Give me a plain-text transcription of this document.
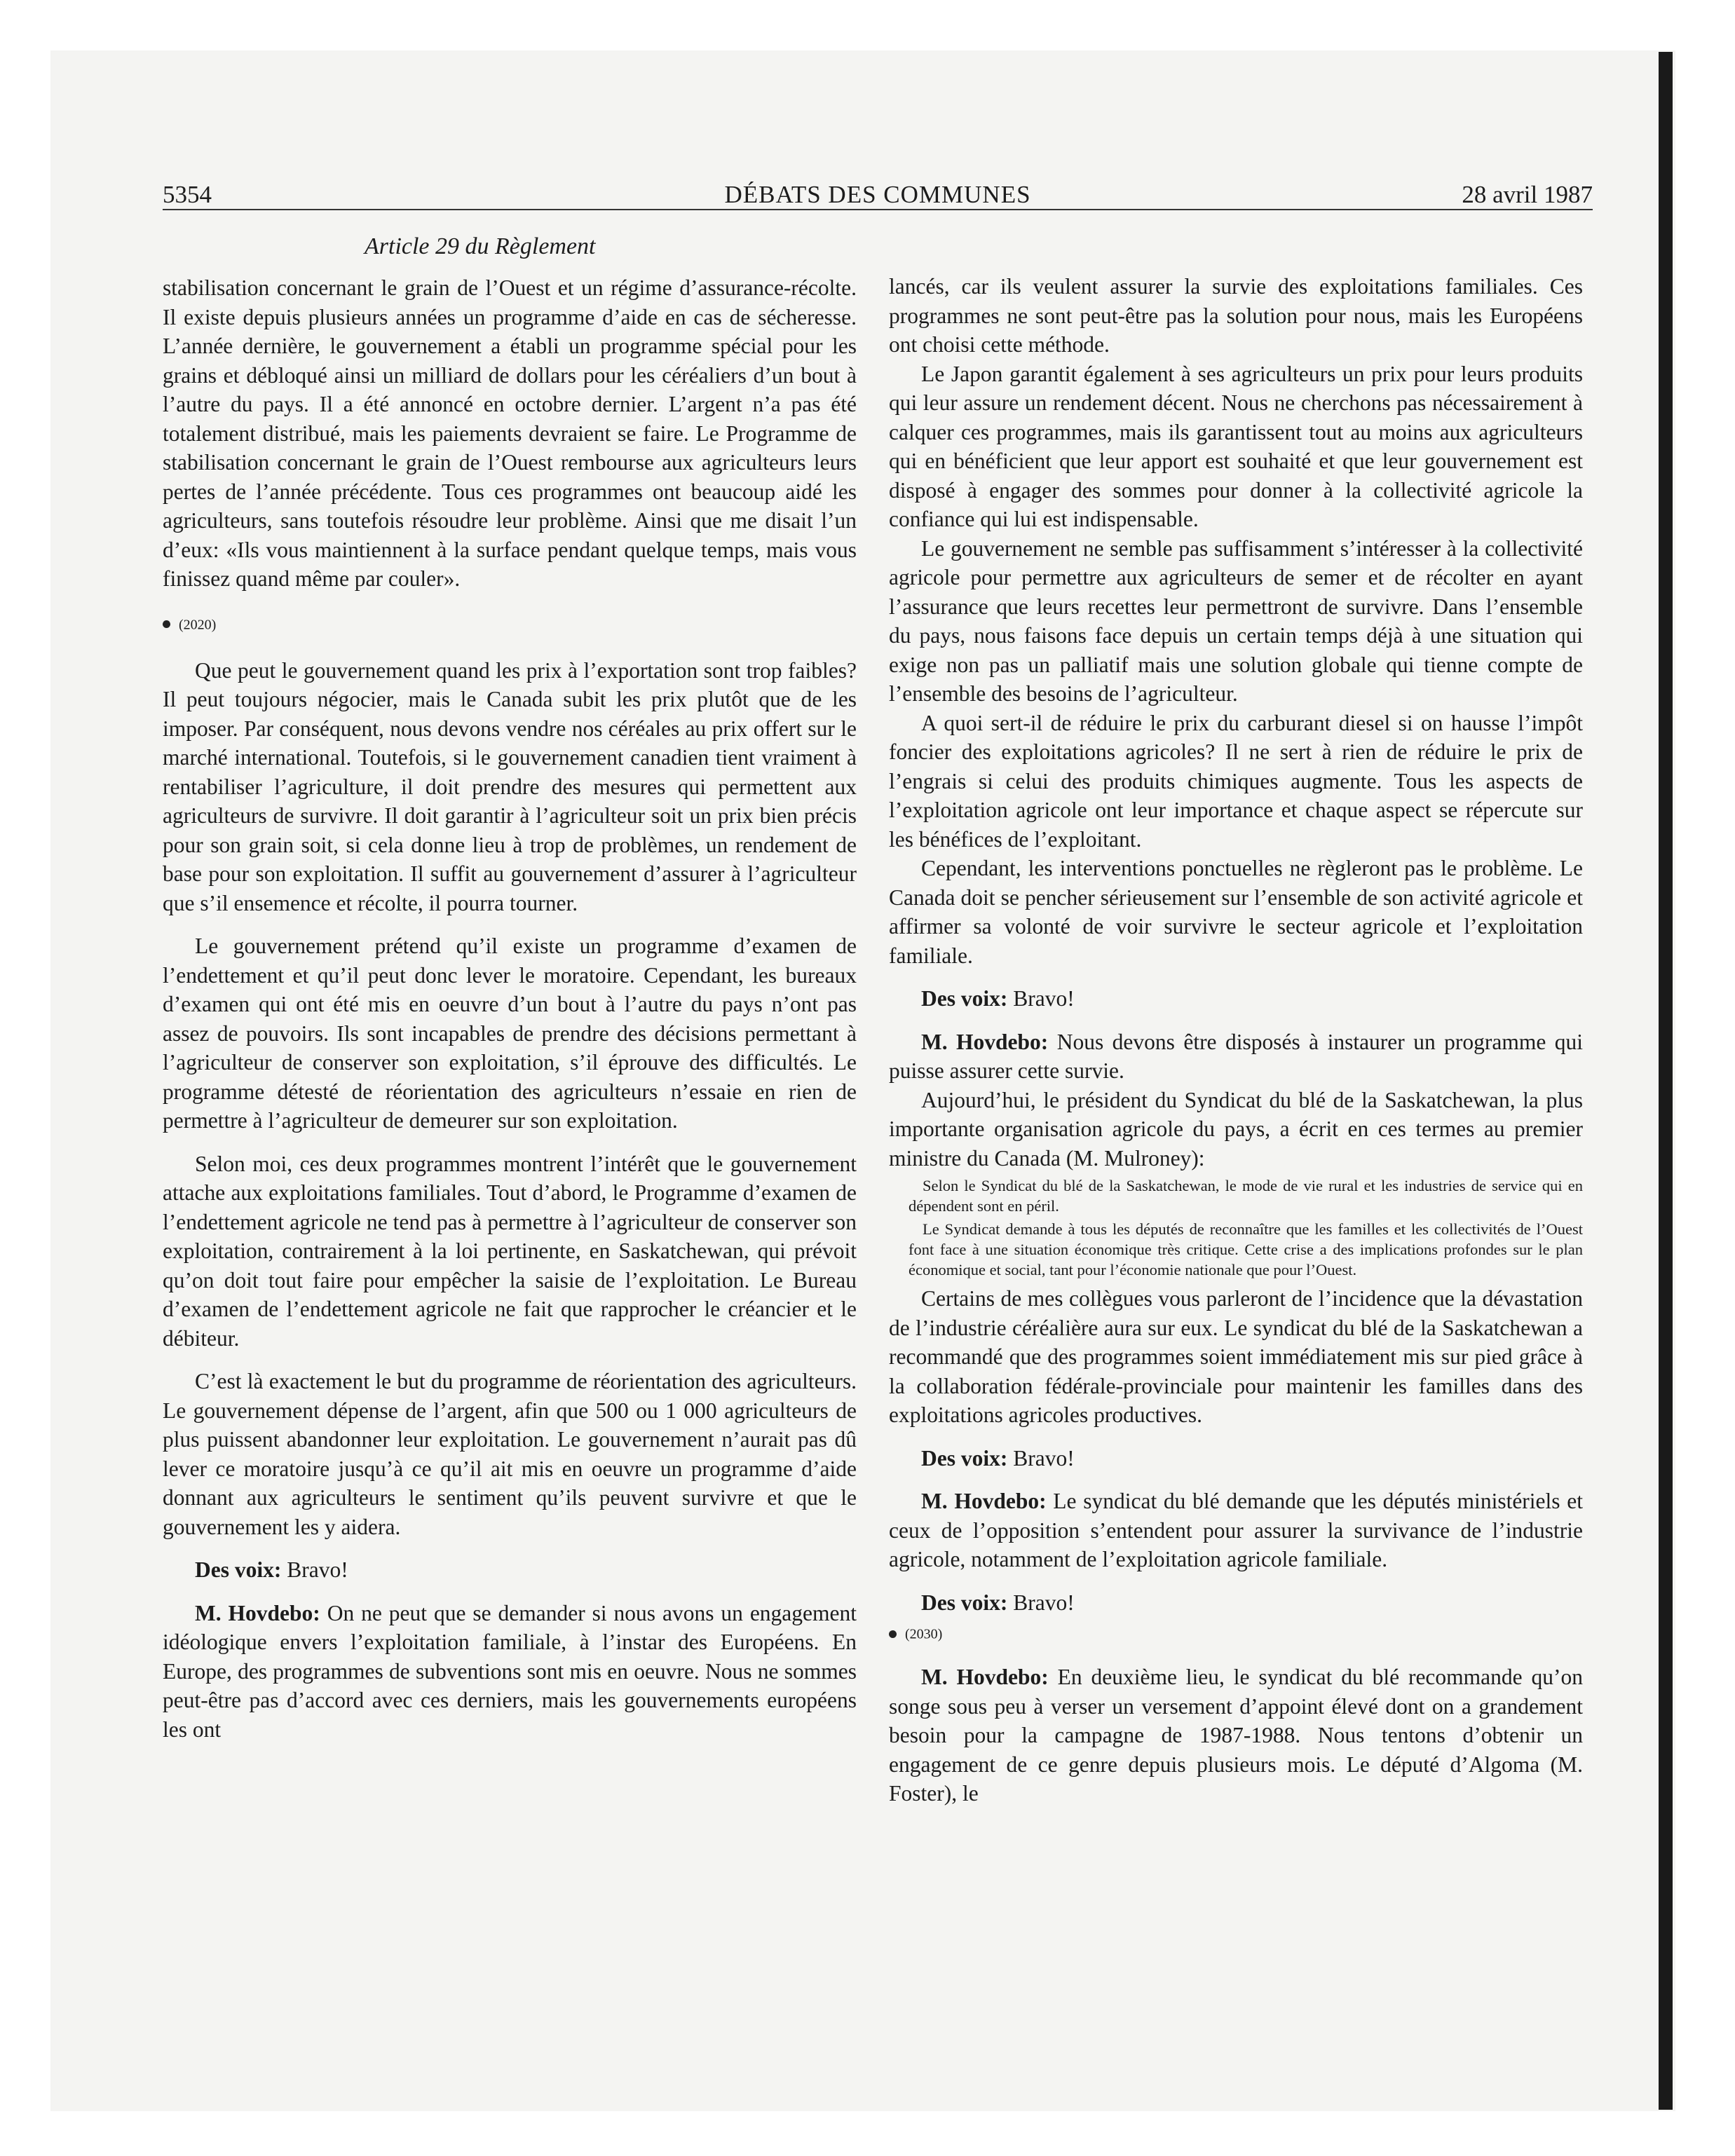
5354	DÉBATS DES COMMUNES	28 avril 1987
Article 29 du Règlement

stabilisation concernant le grain de l’Ouest et un régime d’assurance-récolte. Il existe depuis plusieurs années un programme d’aide en cas de sécheresse. L’année dernière, le gouvernement a établi un programme spécial pour les grains et débloqué ainsi un milliard de dollars pour les céréaliers d’un bout à l’autre du pays. Il a été annoncé en octobre dernier. L’argent n’a pas été totalement distribué, mais les paiements devraient se faire. Le Programme de stabilisation concernant le grain de l’Ouest rembourse aux agriculteurs leurs pertes de l’année précédente. Tous ces programmes ont beaucoup aidé les agriculteurs, sans toutefois résoudre leur problème. Ainsi que me disait l’un d’eux: «Ils vous maintiennent à la surface pendant quelque temps, mais vous finissez quand même par couler».

(2020)

Que peut le gouvernement quand les prix à l’exportation sont trop faibles? Il peut toujours négocier, mais le Canada subit les prix plutôt que de les imposer. Par conséquent, nous devons vendre nos céréales au prix offert sur le marché international. Toutefois, si le gouvernement canadien tient vraiment à rentabiliser l’agriculture, il doit prendre des mesures qui permettent aux agriculteurs de survivre. Il doit garantir à l’agriculteur soit un prix bien précis pour son grain soit, si cela donne lieu à trop de problèmes, un rendement de base pour son exploitation. Il suffit au gouvernement d’assurer à l’agriculteur que s’il ensemence et récolte, il pourra tourner.

Le gouvernement prétend qu’il existe un programme d’examen de l’endettement et qu’il peut donc lever le moratoire. Cependant, les bureaux d’examen qui ont été mis en oeuvre d’un bout à l’autre du pays n’ont pas assez de pouvoirs. Ils sont incapables de prendre des décisions permettant à l’agriculteur de conserver son exploitation, s’il éprouve des difficultés. Le programme détesté de réorientation des agriculteurs n’essaie en rien de permettre à l’agriculteur de demeurer sur son exploitation.

Selon moi, ces deux programmes montrent l’intérêt que le gouvernement attache aux exploitations familiales. Tout d’abord, le Programme d’examen de l’endettement agricole ne tend pas à permettre à l’agriculteur de conserver son exploitation, contrairement à la loi pertinente, en Saskatchewan, qui prévoit qu’on doit tout faire pour empêcher la saisie de l’exploitation. Le Bureau d’examen de l’endettement agricole ne fait que rapprocher le créancier et le débiteur.

C’est là exactement le but du programme de réorientation des agriculteurs. Le gouvernement dépense de l’argent, afin que 500 ou 1 000 agriculteurs de plus puissent abandonner leur exploitation. Le gouvernement n’aurait pas dû lever ce moratoire jusqu’à ce qu’il ait mis en oeuvre un programme d’aide donnant aux agriculteurs le sentiment qu’ils peuvent survivre et que le gouvernement les y aidera.

Des voix: Bravo!

M. Hovdebo: On ne peut que se demander si nous avons un engagement idéologique envers l’exploitation familiale, à l’instar des Européens. En Europe, des programmes de subventions sont mis en oeuvre. Nous ne sommes peut-être pas d’accord avec ces derniers, mais les gouvernements européens les ont

lancés, car ils veulent assurer la survie des exploitations familiales. Ces programmes ne sont peut-être pas la solution pour nous, mais les Européens ont choisi cette méthode.

Le Japon garantit également à ses agriculteurs un prix pour leurs produits qui leur assure un rendement décent. Nous ne cherchons pas nécessairement à calquer ces programmes, mais ils garantissent tout au moins aux agriculteurs qui en bénéficient que leur apport est souhaité et que leur gouvernement est disposé à engager des sommes pour donner à la collectivité agricole la confiance qui lui est indispensable.

Le gouvernement ne semble pas suffisamment s’intéresser à la collectivité agricole pour permettre aux agriculteurs de semer et de récolter en ayant l’assurance que leurs recettes leur permettront de survivre. Dans l’ensemble du pays, nous faisons face depuis un certain temps déjà à une situation qui exige non pas un palliatif mais une solution globale qui tienne compte de l’ensemble des besoins de l’agriculteur.

A quoi sert-il de réduire le prix du carburant diesel si on hausse l’impôt foncier des exploitations agricoles? Il ne sert à rien de réduire le prix de l’engrais si celui des produits chimiques augmente. Tous les aspects de l’exploitation agricole ont leur importance et chaque aspect se répercute sur les bénéfices de l’exploitant.

Cependant, les interventions ponctuelles ne règleront pas le problème. Le Canada doit se pencher sérieusement sur l’ensemble de son activité agricole et affirmer sa volonté de voir survivre le secteur agricole et l’exploitation familiale.

Des voix: Bravo!

M. Hovdebo: Nous devons être disposés à instaurer un programme qui puisse assurer cette survie.

Aujourd’hui, le président du Syndicat du blé de la Saskatchewan, la plus importante organisation agricole du pays, a écrit en ces termes au premier ministre du Canada (M. Mulroney):

Selon le Syndicat du blé de la Saskatchewan, le mode de vie rural et les industries de service qui en dépendent sont en péril.

Le Syndicat demande à tous les députés de reconnaître que les familles et les collectivités de l’Ouest font face à une situation économique très critique. Cette crise a des implications profondes sur le plan économique et social, tant pour l’économie nationale que pour l’Ouest.

Certains de mes collègues vous parleront de l’incidence que la dévastation de l’industrie céréalière aura sur eux. Le syndicat du blé de la Saskatchewan a recommandé que des programmes soient immédiatement mis sur pied grâce à la collaboration fédérale-provinciale pour maintenir les familles dans des exploitations agricoles productives.

Des voix: Bravo!

M. Hovdebo: Le syndicat du blé demande que les députés ministériels et ceux de l’opposition s’entendent pour assurer la survivance de l’industrie agricole, notamment de l’exploitation agricole familiale.

Des voix: Bravo!

(2030)

M. Hovdebo: En deuxième lieu, le syndicat du blé recommande qu’on songe sous peu à verser un versement d’appoint élevé dont on a grandement besoin pour la campagne de 1987-1988. Nous tentons d’obtenir un engagement de ce genre depuis plusieurs mois. Le député d’Algoma (M. Foster), le
